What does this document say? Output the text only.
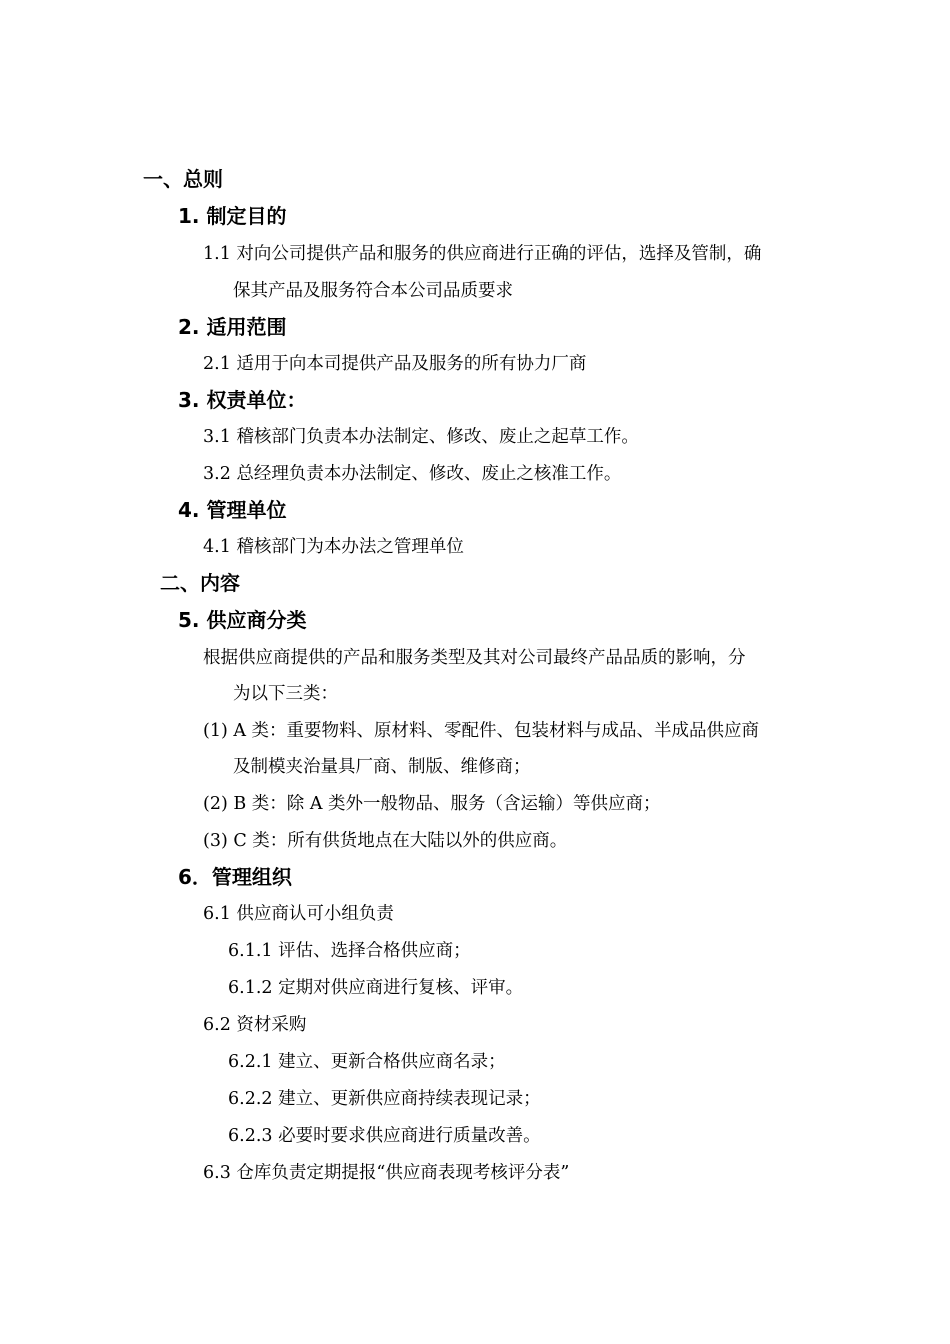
一、总则
1. 制定目的
1.1 对向公司提供产品和服务的供应商进行正确的评估，选择及管制，确
保其产品及服务符合本公司品质要求
2. 适用范围
2.1 适用于向本司提供产品及服务的所有协力厂商
3. 权责单位：
3.1 稽核部门负责本办法制定、修改、废止之起草工作。
3.2 总经理负责本办法制定、修改、废止之核准工作。
4. 管理单位
4.1 稽核部门为本办法之管理单位
二、内容
5. 供应商分类
根据供应商提供的产品和服务类型及其对公司最终产品品质的影响，分
为以下三类：
(1) A 类：重要物料、原材料、零配件、包装材料与成品、半成品供应商
及制模夹治量具厂商、制版、维修商；
(2) B 类：除 A 类外一般物品、服务（含运输）等供应商；
(3) C 类：所有供货地点在大陆以外的供应商。
6．管理组织
6.1 供应商认可小组负责
6.1.1 评估、选择合格供应商；
6.1.2 定期对供应商进行复核、评审。
6.2 资材采购
6.2.1 建立、更新合格供应商名录；
6.2.2 建立、更新供应商持续表现记录；
6.2.3 必要时要求供应商进行质量改善。
6.3 仓库负责定期提报“供应商表现考核评分表”
